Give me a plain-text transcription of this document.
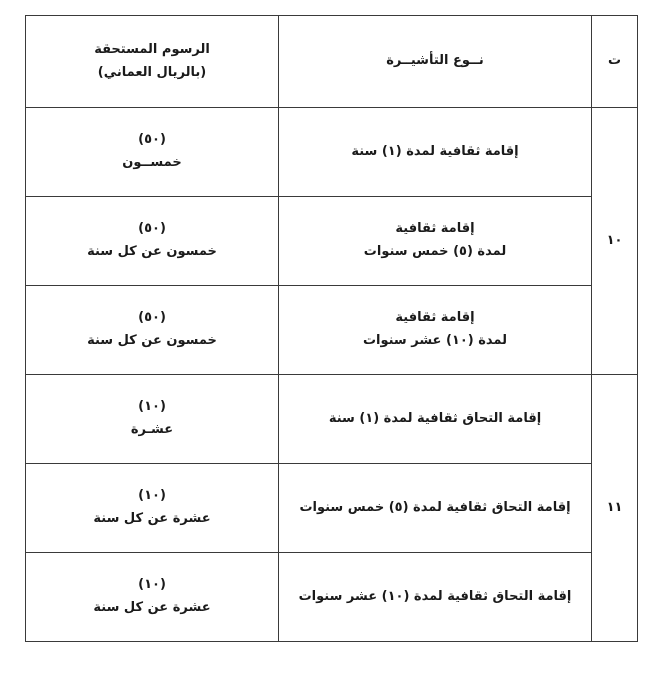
ت	نــوع التأشيــرة	الرسوم المستحقة
(بالريال العماني)

١٠	إقامة ثقافية لمدة (١) سنة	(٥٠)
خمســون

	إقامة ثقافية
لمدة (٥) خمس سنوات	(٥٠)
خمسون عن كل سنة

	إقامة ثقافية
لمدة (١٠) عشر سنوات	(٥٠)
خمسون عن كل سنة

١١	إقامة التحاق ثقافية لمدة (١) سنة	(١٠)
عشـرة

	إقامة التحاق ثقافية لمدة (٥) خمس سنوات	(١٠)
عشرة عن كل سنة

	إقامة التحاق ثقافية لمدة (١٠) عشر سنوات	(١٠)
عشرة عن كل سنة
